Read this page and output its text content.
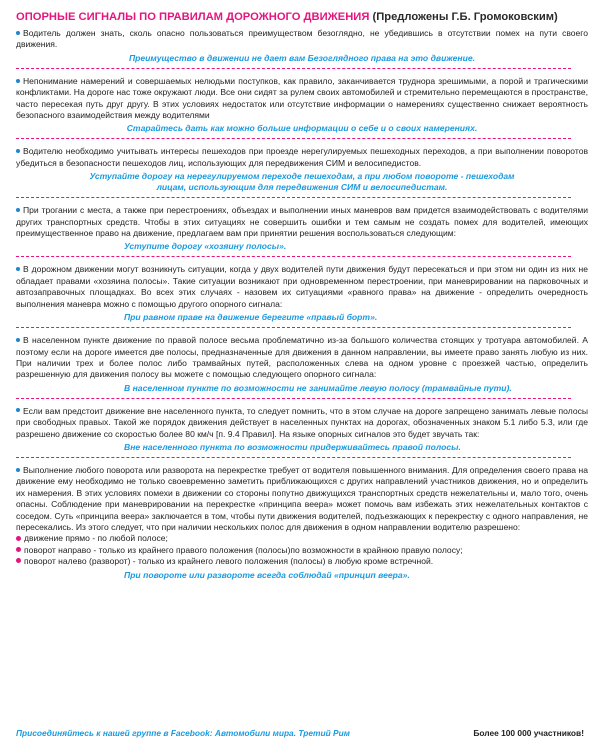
ОПОРНЫЕ СИГНАЛЫ ПО ПРАВИЛАМ ДОРОЖНОГО ДВИЖЕНИЯ (Предложены Г.Б. Громоковским)

Водитель должен знать, сколь опасно пользоваться преимуществом безоглядно, не убедившись в отсутствии помех на пути своего движения.

Преимущество в движении не дает вам Безоглядного права на это движение.

Непонимание намерений и совершаемых нелюдьми поступков, как правило, заканчивается труднора зрешимыми, а порой и трагическими конфликтами. На дороге нас тоже окружают люди. Все они сидят за рулем своих автомобилей и стремительно перемещаются в пространстве, часто пересекая путь друг другу. В этих условиях недостаток или отсутствие информации о намерениях существенно снижает вероятность безопасного взаимодействия между водителями

Старайтесь дать как можно больше информации о себе и о своих намерениях.

Водителю необходимо учитывать интересы пешеходов при проезде нерегулируемых пешеходных переходов, а при выполнении поворотов убедиться в безопасности пешеходов лиц, использующих для передвижения СИМ и велосипедистов.

Уступайте дорогу на нерегулируемом переходе пешеходам, а при любом повороте - пешеходам лицам, использующим для передвижения СИМ и велосипедистам.

При трогании с места, а также при перестроениях, объездах и выполнении иных маневров вам придется взаимодействовать с водителями других транспортных средств. Чтобы в этих ситуациях не совершить ошибки и тем самым не создать помех для водителей, имеющих преимущественное право на движение, предлагаем вам при принятии решения воспользоваться следующим:

Уступите дорогу «хозяину полосы».

В дорожном движении могут возникнуть ситуации, когда у двух водителей пути движения будут пересекаться и при этом ни один из них не обладает правами «хозяина полосы». Такие ситуации возникают при одновременном перестроении, при маневрировании на парковочных и автозаправочных площадках. Во всех этих случаях - назовем их ситуациями «равного права» на движение - определить очередность выполнения маневра можно с помощью другого опорного сигнала:

При равном праве на движение берегите «правый борт».

В населенном пункте движение по правой полосе весьма проблематично из-за большого количества стоящих у тротуара автомобилей. А поэтому если на дороге имеется две полосы, предназначенные для движения в данном направлении, вы имеете право занять любую из них. При наличии трех и более полос либо трамвайных путей, расположенных слева на одном уровне с проезжей частью, определить разрешенную для движения полосу вы можете с помощью следующего опорного сигнала:

В населенном пункте по возможности не занимайте левую полосу (трамвайные пути).

Если вам предстоит движение вне населенного пункта, то следует помнить, что в этом случае на дороге запрещено занимать левые полосы при свободных правых. Такой же порядок движения действует в населенных пунктах на дорогах, обозначенных знаком 5.1 либо 5.3, или где разрешено движение со скоростью более 80 км/ч [п. 9.4 Правил]. На языке опорных сигналов это будет звучать так:

Вне населенного пункта по возможности придерживайтесь правой полосы.

Выполнение любого поворота или разворота на перекрестке требует от водителя повышенного внимания. Для определения своего права на движение ему необходимо не только своевременно заметить приближающихся с других направлений участников движения, но и определить их намерения. В этих условиях помехи в движении со стороны попутно движущихся транспортных средств нежелательны и, мало того, очень опасны. Соблюдение при маневрировании на перекрестке «принципа веера» может помочь вам избежать этих нежелательных контактов с соседом. Суть «принципа веера» заключается в том, чтобы пути движения водителей, подъезжающих к перекрестку с одного направления, не пересекались. Из этого следует, что при наличии нескольких полос для движения в одном направлении водителю разрешено:

движение прямо - по любой полосе;
поворот направо - только из крайнего правого положения (полосы)по возможности в крайнюю правую полосу;
поворот налево (разворот) - только из крайнего левого положения (полосы) в любую кроме встречной.

При повороте или развороте всегда соблюдай «принцип веера».

Присоединяйтесь к нашей группе в Facebook: Автомобили мира. Третий Рим	Более 100 000 участников!
